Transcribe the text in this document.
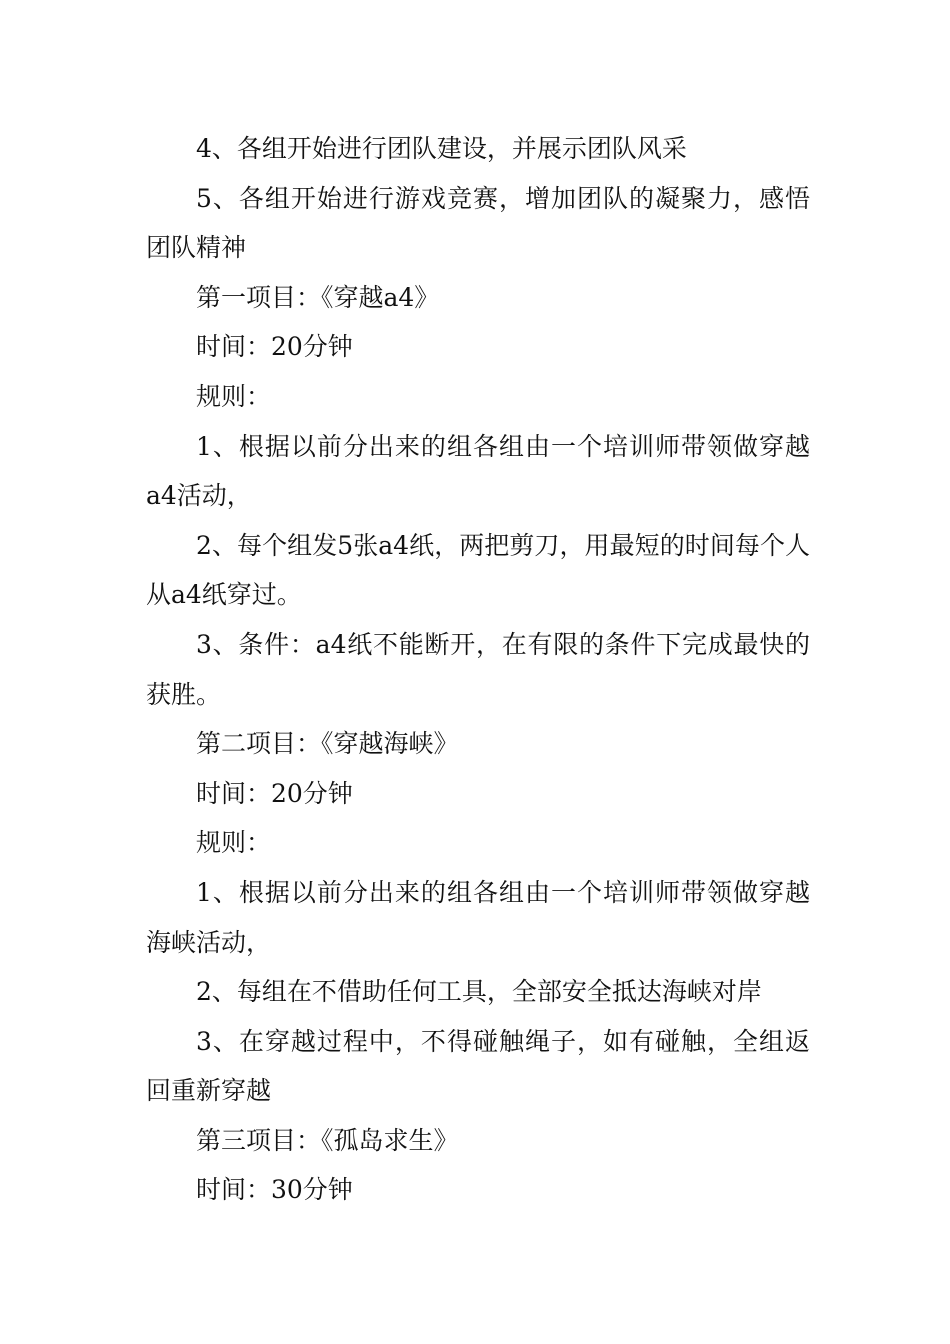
4、各组开始进行团队建设，并展示团队风采

5、各组开始进行游戏竞赛，增加团队的凝聚力，感悟团队精神

第一项目：《穿越a4》

时间：20分钟

规则：

1、根据以前分出来的组各组由一个培训师带领做穿越a4活动，

2、每个组发5张a4纸，两把剪刀，用最短的时间每个人从a4纸穿过。

3、条件：a4纸不能断开，在有限的条件下完成最快的获胜。

第二项目：《穿越海峡》

时间：20分钟

规则：

1、根据以前分出来的组各组由一个培训师带领做穿越海峡活动，

2、每组在不借助任何工具，全部安全抵达海峡对岸

3、在穿越过程中，不得碰触绳子，如有碰触，全组返回重新穿越

第三项目：《孤岛求生》

时间：30分钟
